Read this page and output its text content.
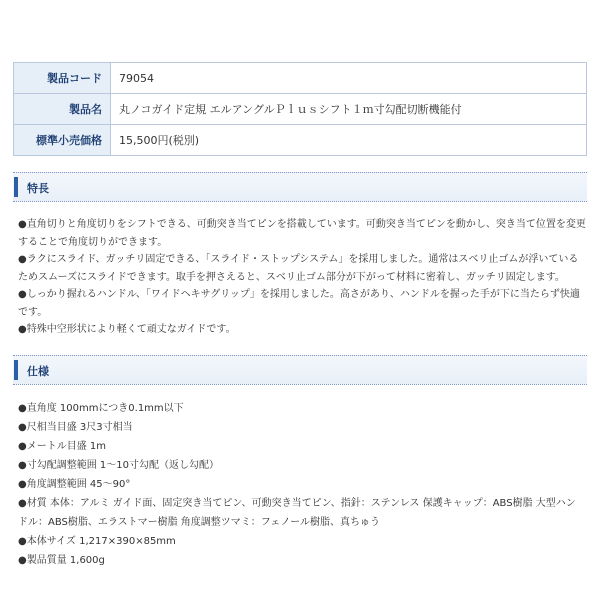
製品コード	79054
製品名	丸ノコガイド定規 エルアングルＰｌｕｓシフト１ｍ寸勾配切断機能付
標準小売価格	15,500円(税別)
特長
●直角切りと角度切りをシフトできる、可動突き当てピンを搭載しています。可動突き当てピンを動かし、突き当て位置を変更
することで角度切りができます。
●ラクにスライド、ガッチリ固定できる、「スライド・ストップシステム」を採用しました。通常はスベリ止ゴムが浮いている
ためスムーズにスライドできます。取手を押さえると、スベリ止ゴム部分が下がって材料に密着し、ガッチリ固定します。
●しっかり握れるハンドル、「ワイドヘキサグリップ」を採用しました。高さがあり、ハンドルを握った手が下に当たらず快適
です。
●特殊中空形状により軽くて頑丈なガイドです。
仕様
●直角度 100mmにつき0.1mm以下
●尺相当目盛 3尺3寸相当
●メートル目盛 1m
●寸勾配調整範囲 1～10寸勾配（返し勾配）
●角度調整範囲 45～90°
●材質 本体：アルミ ガイド面、固定突き当てピン、可動突き当てピン、指針：ステンレス 保護キャップ：ABS樹脂 大型ハン
ドル：ABS樹脂、エラストマー樹脂 角度調整ツマミ：フェノール樹脂、真ちゅう
●本体サイズ 1,217×390×85mm
●製品質量 1,600g
